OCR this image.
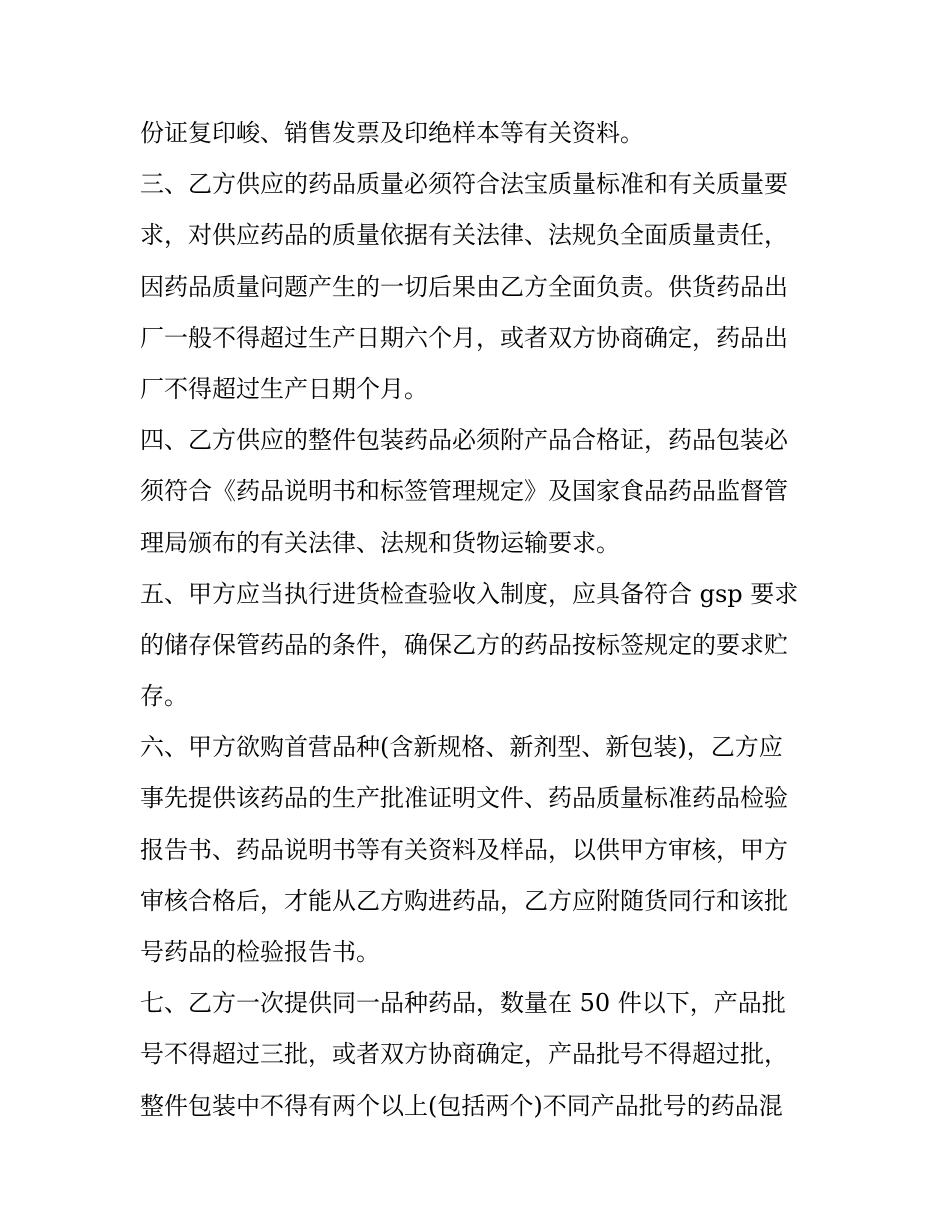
份证复印峻、销售发票及印绝样本等有关资料。
三、乙方供应的药品质量必须符合法宝质量标准和有关质量要
求，对供应药品的质量依据有关法律、法规负全面质量责任，
因药品质量问题产生的一切后果由乙方全面负责。供货药品出
厂一般不得超过生产日期六个月，或者双方协商确定，药品出
厂不得超过生产日期个月。
四、乙方供应的整件包装药品必须附产品合格证，药品包装必
须符合《药品说明书和标签管理规定》及国家食品药品监督管
理局颁布的有关法律、法规和货物运输要求。
五、甲方应当执行进货检查验收入制度，应具备符合 gsp 要求
的储存保管药品的条件，确保乙方的药品按标签规定的要求贮
存。
六、甲方欲购首营品种(含新规格、新剂型、新包装)，乙方应
事先提供该药品的生产批准证明文件、药品质量标准药品检验
报告书、药品说明书等有关资料及样品，以供甲方审核，甲方
审核合格后，才能从乙方购进药品，乙方应附随货同行和该批
号药品的检验报告书。
七、乙方一次提供同一品种药品，数量在 50 件以下，产品批
号不得超过三批，或者双方协商确定，产品批号不得超过批，
整件包装中不得有两个以上(包括两个)不同产品批号的药品混
